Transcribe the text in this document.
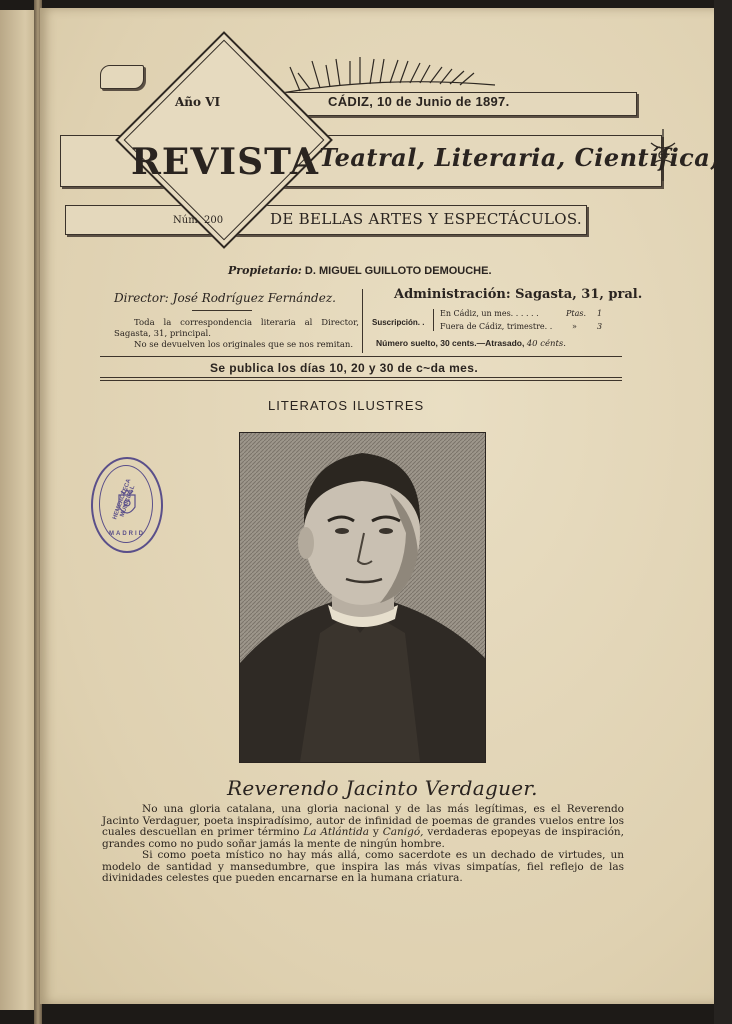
Año VI	CÁDIZ, 10 de Junio de 1897.
REVISTA Teatral, Literaria, Científica,
Núm. 200	DE BELLAS ARTES Y ESPECTÁCULOS.
Propietario: D. MIGUEL GUILLOTO DEMOUCHE.
Director: José Rodríguez Fernández.
Toda la correspondencia literaria al Director, Sagasta, 31, principal.
No se devuelven los originales que se nos remitan.
Administración: Sagasta, 31, pral.
Suscripción. .
En Cádiz, un mes. . . . . .	Ptas. 1
Fuera de Cádiz, trimestre. . »	3
Número suelto, 30 cents.—Atrasado, 40 cénts.
Se publica los días 10, 20 y 30 de c~da mes.
LITERATOS ILUSTRES
HEMEROTECA MUNICIPAL
MADRID
Reverendo Jacinto Verdaguer.

No una gloria catalana, una gloria nacional y de las más legítimas, es el Reverendo Jacinto Verdaguer, poeta inspiradísimo, autor de infinidad de poemas de grandes vuelos entre los cuales descuellan en primer término La Atlántida y Canigó, verdaderas epopeyas de inspiración, grandes como no pudo soñar jamás la mente de ningún hombre.

Si como poeta místico no hay más allá, como sacerdote es un dechado de virtudes, un modelo de santidad y mansedumbre, que inspira las más vivas simpatías, fiel reflejo de las divinidades celestes que pueden encarnarse en la humana criatura.
